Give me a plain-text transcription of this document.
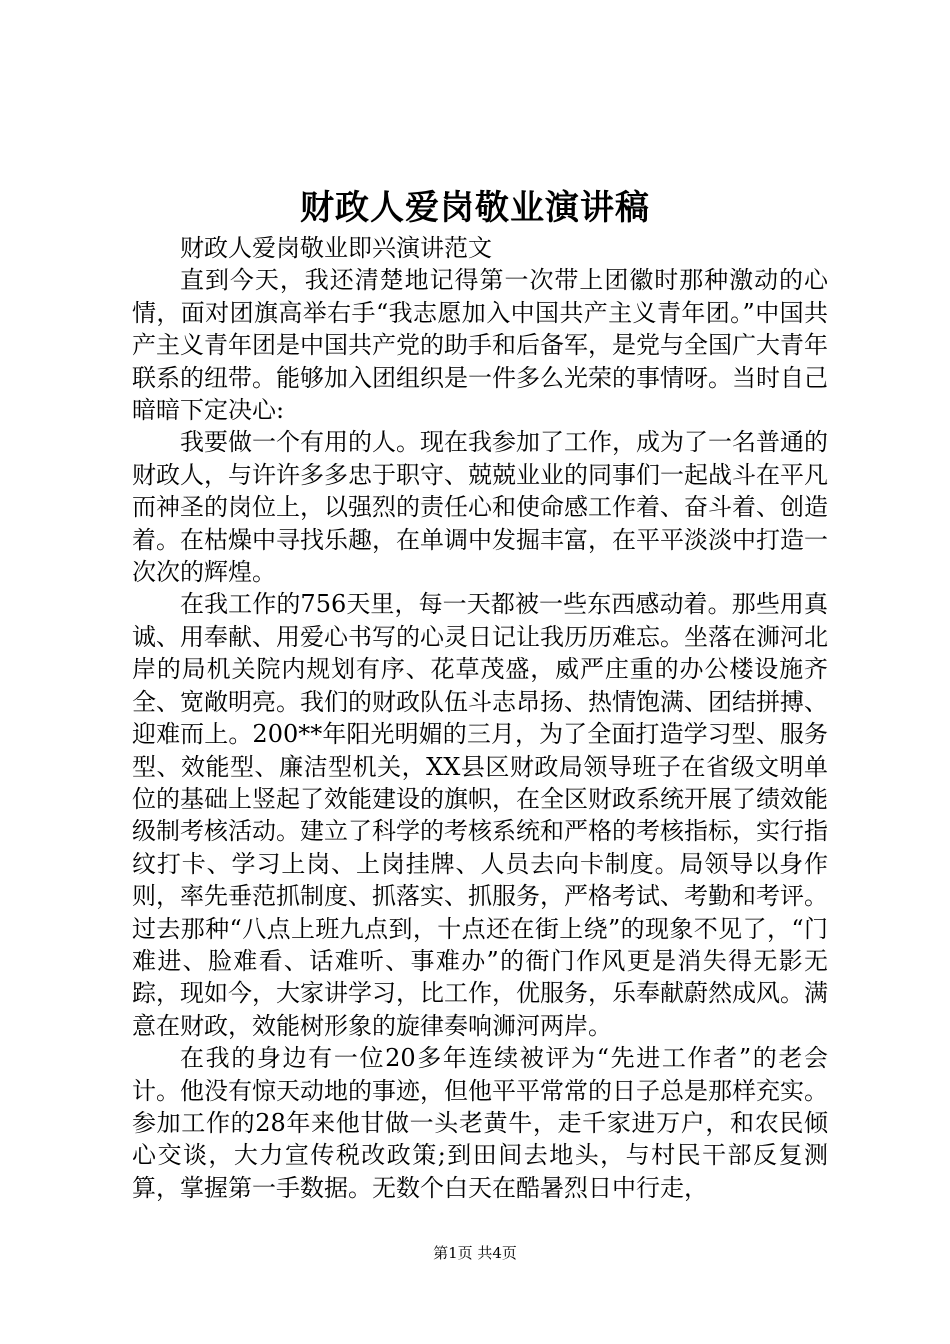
财政人爱岗敬业演讲稿

财政人爱岗敬业即兴演讲范文

直到今天，我还清楚地记得第一次带上团徽时那种激动的心情，面对团旗高举右手“我志愿加入中国共产主义青年团。”中国共产主义青年团是中国共产党的助手和后备军，是党与全国广大青年联系的纽带。能够加入团组织是一件多么光荣的事情呀。当时自己暗暗下定决心:

我要做一个有用的人。现在我参加了工作，成为了一名普通的财政人，与许许多多忠于职守、兢兢业业的同事们一起战斗在平凡而神圣的岗位上，以强烈的责任心和使命感工作着、奋斗着、创造着。在枯燥中寻找乐趣，在单调中发掘丰富，在平平淡淡中打造一次次的辉煌。

在我工作的756天里，每一天都被一些东西感动着。那些用真诚、用奉献、用爱心书写的心灵日记让我历历难忘。坐落在浉河北岸的局机关院内规划有序、花草茂盛，威严庄重的办公楼设施齐全、宽敞明亮。我们的财政队伍斗志昂扬、热情饱满、团结拼搏、迎难而上。200**年阳光明媚的三月，为了全面打造学习型、服务型、效能型、廉洁型机关，XX县区财政局领导班子在省级文明单位的基础上竖起了效能建设的旗帜，在全区财政系统开展了绩效能级制考核活动。建立了科学的考核系统和严格的考核指标，实行指纹打卡、学习上岗、上岗挂牌、人员去向卡制度。局领导以身作则，率先垂范抓制度、抓落实、抓服务，严格考试、考勤和考评。过去那种“八点上班九点到，十点还在街上绕”的现象不见了，“门难进、脸难看、话难听、事难办”的衙门作风更是消失得无影无踪，现如今，大家讲学习，比工作，优服务，乐奉献蔚然成风。满意在财政，效能树形象的旋律奏响浉河两岸。

在我的身边有一位20多年连续被评为“先进工作者”的老会计。他没有惊天动地的事迹，但他平平常常的日子总是那样充实。参加工作的28年来他甘做一头老黄牛，走千家进万户，和农民倾心交谈，大力宣传税改政策;到田间去地头，与村民干部反复测算，掌握第一手数据。无数个白天在酷暑烈日中行走，

第1页 共4页
